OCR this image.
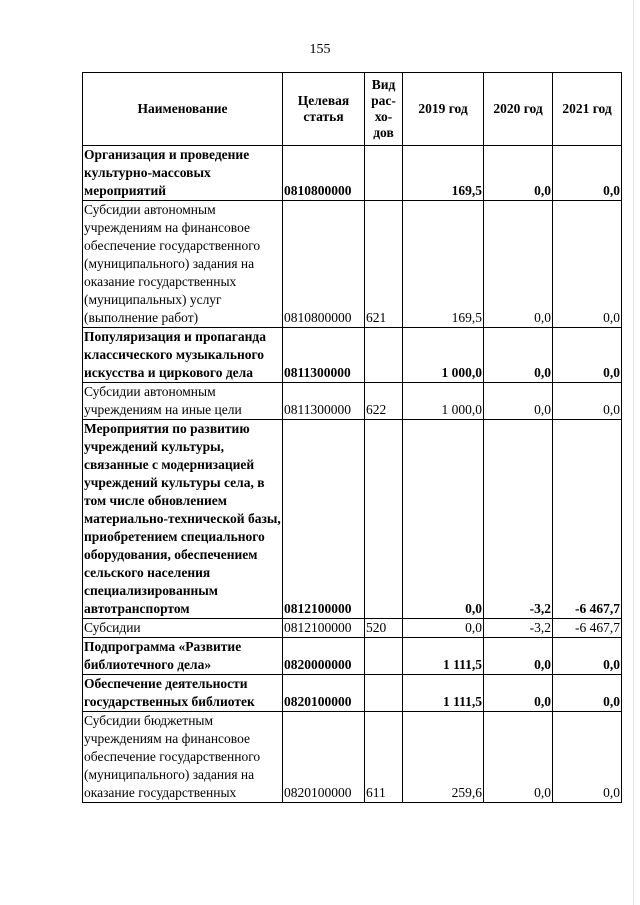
155
Наименование	Целевая статья	Вид рас-хо-дов	2019 год	2020 год	2021 год
Организация и проведение культурно-массовых мероприятий	0810800000		169,5	0,0	0,0
Субсидии автономным учреждениям на финансовое обеспечение государственного (муниципального) задания на оказание государственных (муниципальных) услуг (выполнение работ)	0810800000	621	169,5	0,0	0,0
Популяризация и пропаганда классического музыкального искусства и циркового дела	0811300000		1 000,0	0,0	0,0
Субсидии автономным учреждениям на иные цели	0811300000	622	1 000,0	0,0	0,0
Мероприятия по развитию учреждений культуры, связанные с модернизацией учреждений культуры села, в том числе обновлением материально-технической базы, приобретением специального оборудования, обеспечением сельского населения специализированным автотранспортом	0812100000		0,0	-3,2	-6 467,7
Субсидии	0812100000	520	0,0	-3,2	-6 467,7
Подпрограмма «Развитие библиотечного дела»	0820000000		1 111,5	0,0	0,0
Обеспечение деятельности государственных библиотек	0820100000		1 111,5	0,0	0,0
Субсидии бюджетным учреждениям на финансовое обеспечение государственного (муниципального) задания на оказание государственных	0820100000	611	259,6	0,0	0,0
